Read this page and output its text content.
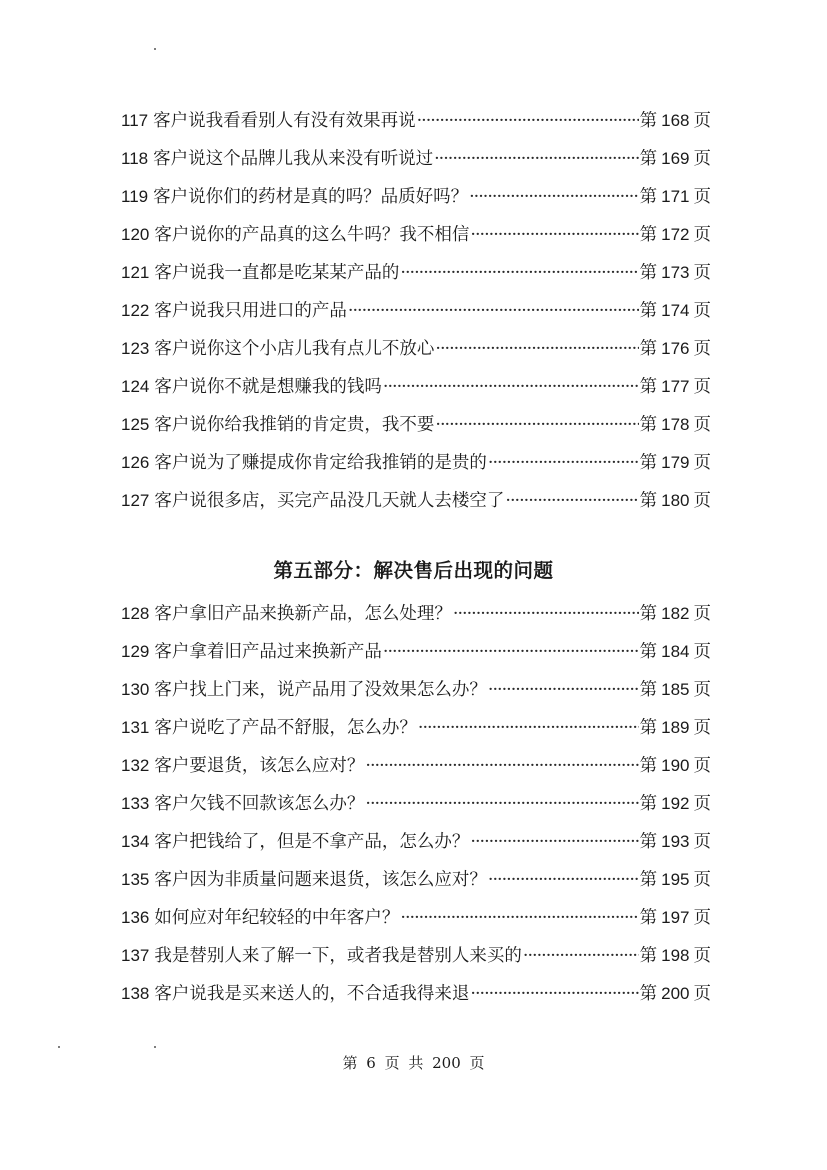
117 客户说我看看别人有没有效果再说 ·····	第 168 页
118 客户说这个品牌儿我从来没有听说过 ·····	第 169 页
119 客户说你们的药材是真的吗？品质好吗？ ·····	第 171 页
120 客户说你的产品真的这么牛吗？我不相信 ·····	第 172 页
121 客户说我一直都是吃某某产品的 ·····	第 173 页
122 客户说我只用进口的产品 ·····	第 174 页
123 客户说你这个小店儿我有点儿不放心 ·····	第 176 页
124 客户说你不就是想赚我的钱吗 ·····	第 177 页
125 客户说你给我推销的肯定贵，我不要 ·····	第 178 页
126 客户说为了赚提成你肯定给我推销的是贵的 ·····	第 179 页
127 客户说很多店，买完产品没几天就人去楼空了 ·····	第 180 页
第五部分：解决售后出现的问题
128 客户拿旧产品来换新产品，怎么处理？ ·····	第 182 页
129 客户拿着旧产品过来换新产品 ·····	第 184 页
130 客户找上门来，说产品用了没效果怎么办？ ·····	第 185 页
131 客户说吃了产品不舒服，怎么办？ ·····	第 189 页
132 客户要退货，该怎么应对？ ·····	第 190 页
133 客户欠钱不回款该怎么办？ ·····	第 192 页
134 客户把钱给了，但是不拿产品，怎么办？ ·····	第 193 页
135 客户因为非质量问题来退货，该怎么应对？ ·····	第 195 页
136 如何应对年纪较轻的中年客户？ ·····	第 197 页
137 我是替别人来了解一下，或者我是替别人来买的 ·····	第 198 页
138 客户说我是买来送人的，不合适我得来退 ·····	第 200 页
第 6 页 共 200 页
